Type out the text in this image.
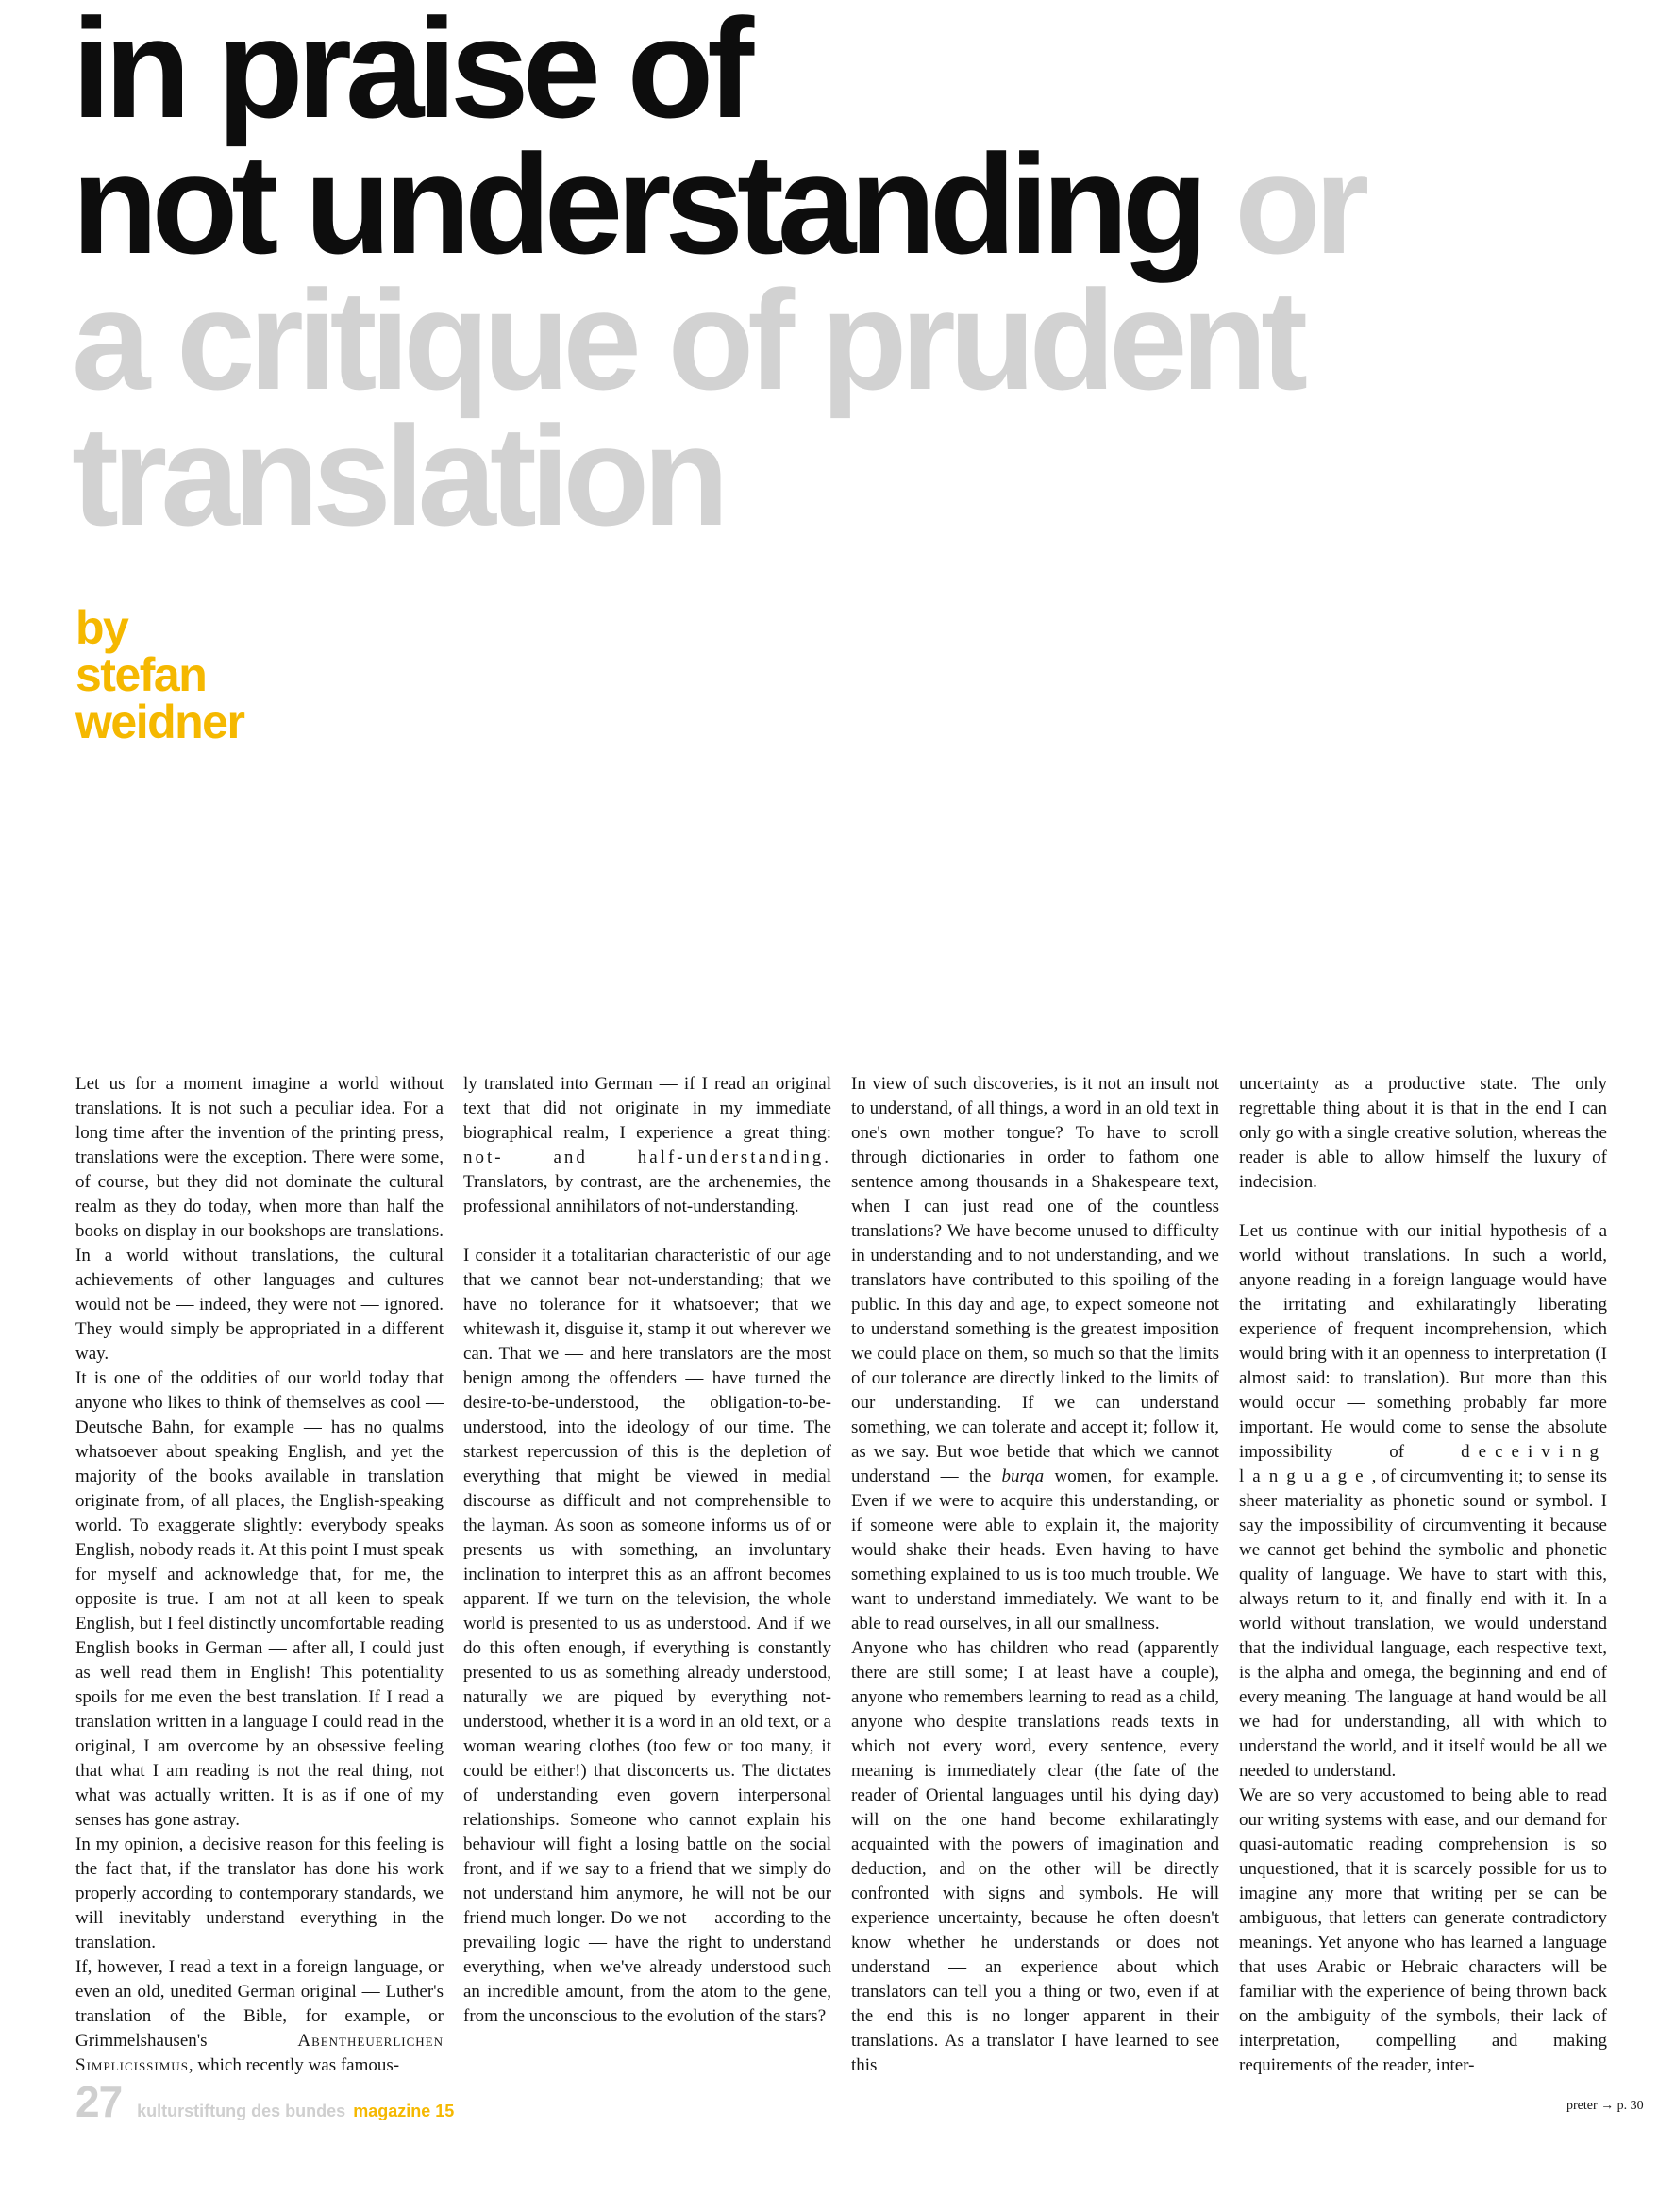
in praise of
not understanding or
a critique of prudent
translation
by
stefan
weidner

Let us for a moment imagine a world without translations. It is not such a peculiar idea. For a long time after the invention of the printing press, translations were the exception. There were some, of course, but they did not dominate the cultural realm as they do today, when more than half the books on display in our bookshops are translations. In a world without translations, the cultural achievements of other languages and cultures would not be — indeed, they were not — ignored. They would simply be appropriated in a different way.

It is one of the oddities of our world today that anyone who likes to think of themselves as cool — Deutsche Bahn, for example — has no qualms whatsoever about speaking English, and yet the majority of the books available in translation originate from, of all places, the English-speaking world. To exaggerate slightly: everybody speaks English, nobody reads it. At this point I must speak for myself and acknowledge that, for me, the opposite is true. I am not at all keen to speak English, but I feel distinctly uncomfortable reading English books in German — after all, I could just as well read them in English! This potentiality spoils for me even the best translation. If I read a translation written in a language I could read in the original, I am overcome by an obsessive feeling that what I am reading is not the real thing, not what was actually written. It is as if one of my senses has gone astray.

In my opinion, a decisive reason for this feeling is the fact that, if the translator has done his work properly according to contemporary standards, we will inevitably understand everything in the translation.

If, however, I read a text in a foreign language, or even an old, unedited German original — Luther's translation of the Bible, for example, or Grimmelshausen's	Abentheuerlichen Simplicissimus, which recently was famous-

ly translated into German — if I read an original text that did not originate in my immediate biographical realm, I experience a great thing: not- and half-understanding. Translators, by contrast, are the archenemies, the professional annihilators of not-understanding.

I consider it a totalitarian characteristic of our age that we cannot bear not-understanding; that we have no tolerance for it whatsoever; that we whitewash it, disguise it, stamp it out wherever we can. That we — and here translators are the most benign among the offenders — have turned the desire-to-be-understood, the obligation-to-be-understood, into the ideology of our time. The starkest repercussion of this is the depletion of everything that might be viewed in medial discourse as difficult and not comprehensible to the layman. As soon as someone informs us of or presents us with something, an involuntary inclination to interpret this as an affront becomes apparent. If we turn on the television, the whole world is presented to us as understood. And if we do this often enough, if everything is constantly presented to us as something already understood, naturally we are piqued by everything not-understood, whether it is a word in an old text, or a woman wearing clothes (too few or too many, it could be either!) that disconcerts us. The dictates of understanding even govern interpersonal relationships. Someone who cannot explain his behaviour will fight a losing battle on the social front, and if we say to a friend that we simply do not understand him anymore, he will not be our friend much longer. Do we not — according to the prevailing logic — have the right to understand everything, when we've already understood such an incredible amount, from the atom to the gene, from the unconscious to the evolution of the stars?

In view of such discoveries, is it not an insult not to understand, of all things, a word in an old text in one's own mother tongue? To have to scroll through dictionaries in order to fathom one sentence among thousands in a Shakespeare text, when I can just read one of the countless translations? We have become unused to difficulty in understanding and to not understanding, and we translators have contributed to this spoiling of the public. In this day and age, to expect someone not to understand something is the greatest imposition we could place on them, so much so that the limits of our tolerance are directly linked to the limits of our understanding. If we can understand something, we can tolerate and accept it; follow it, as we say. But woe betide that which we cannot understand — the burqa women, for example. Even if we were to acquire this understanding, or if someone were able to explain it, the majority would shake their heads. Even having to have something explained to us is too much trouble. We want to understand immediately. We want to be able to read ourselves, in all our smallness.

Anyone who has children who read (apparently there are still some; I at least have a couple), anyone who remembers learning to read as a child, anyone who despite translations reads texts in which not every word, every sentence, every meaning is immediately clear (the fate of the reader of Oriental languages until his dying day) will on the one hand become exhilaratingly acquainted with the powers of imagination and deduction, and on the other will be directly confronted with signs and symbols. He will experience uncertainty, because he often doesn't know whether he understands or does not understand — an experience about which translators can tell you a thing or two, even if at the end this is no longer apparent in their translations. As a translator I have learned to see this

uncertainty as a productive state. The only regrettable thing about it is that in the end I can only go with a single creative solution, whereas the reader is able to allow himself the luxury of indecision.

Let us continue with our initial hypothesis of a world without translations. In such a world, anyone reading in a foreign language would have the irritating and exhilaratingly liberating experience of frequent incomprehension, which would bring with it an openness to interpretation (I almost said: to translation). But more than this would occur — something probably far more important. He would come to sense the absolute impossibility of	deceiving language, of circumventing it; to sense its sheer materiality as phonetic sound or symbol. I say the impossibility of circumventing it because we cannot get behind the symbolic and phonetic quality of language. We have to start with this, always return to it, and finally end with it. In a world without translation, we would understand that the individual language, each respective text, is the alpha and omega, the beginning and end of every meaning. The language at hand would be all we had for understanding, all with which to understand the world, and it itself would be all we needed to understand.

We are so very accustomed to being able to read our writing systems with ease, and our demand for quasi-automatic reading comprehension is so unquestioned, that it is scarcely possible for us to imagine any more that writing per se can be ambiguous, that letters can generate contradictory meanings. Yet anyone who has learned a language that uses Arabic or Hebraic characters will be familiar with the experience of being thrown back on the ambiguity of the symbols, their lack of interpretation, compelling and making requirements of the reader, inter-

preter → p. 30
27 kulturstiftung des bundes magazine 15
